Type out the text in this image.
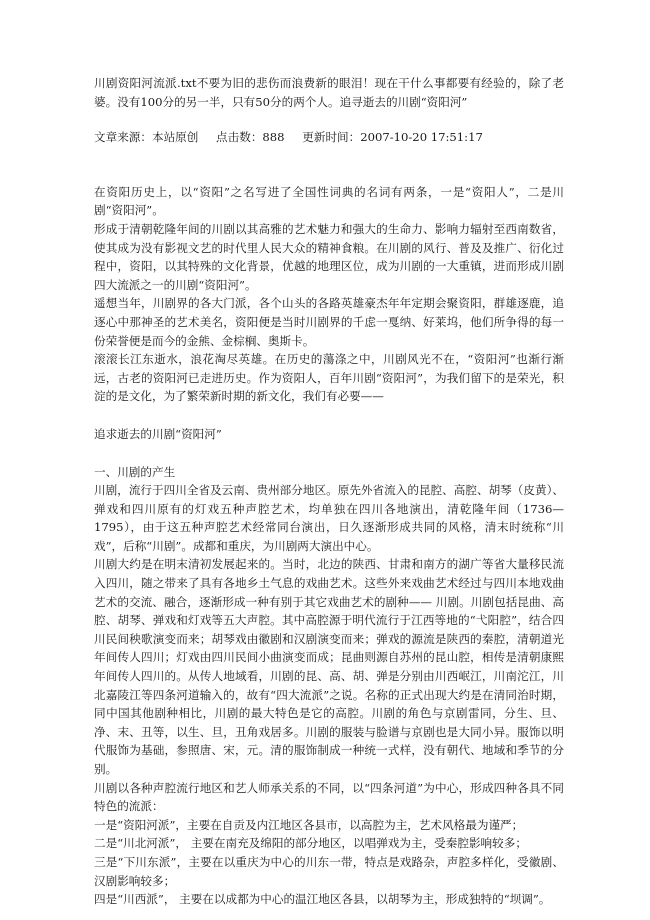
川剧资阳河流派.txt不要为旧的悲伤而浪费新的眼泪！现在干什么事都要有经验的，除了老婆。没有100分的另一半，只有50分的两个人。追寻逝去的川剧“资阳河”

文章来源：本站原创 点击数：888 更新时间：2007-10-20 17:51:17

在资阳历史上，以“资阳”之名写进了全国性词典的名词有两条，一是“资阳人”，二是川剧“资阳河”。

形成于清朝乾隆年间的川剧以其高雅的艺术魅力和强大的生命力、影响力辐射至西南数省，使其成为没有影视文艺的时代里人民大众的精神食粮。在川剧的风行、普及及推广、衍化过程中，资阳，以其特殊的文化背景，优越的地理区位，成为川剧的一大重镇，进而形成川剧四大流派之一的川剧“资阳河”。

遥想当年，川剧界的各大门派，各个山头的各路英雄豪杰年年定期会聚资阳，群雄逐鹿，追逐心中那神圣的艺术美名，资阳便是当时川剧界的千虑一戛纳、好莱坞，他们所争得的每一份荣誉便是而今的金熊、金棕榈、奥斯卡。

滚滚长江东逝水，浪花淘尽英雄。在历史的蕩涤之中，川剧风光不在，“资阳河”也渐行渐远，古老的资阳河已走进历史。作为资阳人，百年川剧“资阳河”，为我们留下的是荣光，积淀的是文化，为了繁荣新时期的新文化，我们有必要——

追求逝去的川剧“资阳河”

一、川剧的产生

川剧，流行于四川全省及云南、贵州部分地区。原先外省流入的昆腔、高腔、胡琴（皮黄）、弹戏和四川原有的灯戏五种声腔艺术，均单独在四川各地演出，清乾隆年间（1736—1795），由于这五种声腔艺术经常同台演出，日久逐渐形成共同的风格，清末时统称“川戏”，后称“川剧”。成都和重庆，为川剧两大演出中心。

川剧大约是在明末清初发展起来的。当时，北边的陕西、甘肃和南方的湖广等省大量移民流入四川，随之带来了具有各地乡土气息的戏曲艺术。这些外来戏曲艺术经过与四川本地戏曲艺术的交流、融合，逐渐形成一种有别于其它戏曲艺术的剧种—— 川剧。川剧包括昆曲、高腔、胡琴、弹戏和灯戏等五大声腔。其中高腔源于明代流行于江西等地的“弋阳腔”，结合四川民间秧歌演变而来；胡琴戏由徽剧和汉剧演变而来；弹戏的源流是陕西的秦腔，清朝道光年间传人四川；灯戏由四川民间小曲演变而成；昆曲则源自苏州的昆山腔，相传是清朝康熙年间传人四川的。从传人地域看，川剧的昆、高、胡、弹是分别由川西岷江，川南沱江，川北嘉陵江等四条河道输入的，故有“四大流派”之说。名称的正式出现大约是在清同治时期，同中国其他剧种相比，川剧的最大特色是它的高腔。川剧的角色与京剧雷同，分生、旦、净、末、丑等，以生、旦，丑角戏居多。川剧的服装与脸谱与京剧也是大同小异。服饰以明代服饰为基础，参照唐、宋，元。清的服饰制成一种统一式样，没有朝代、地域和季节的分别。

川剧以各种声腔流行地区和艺人师承关系的不同，以“四条河道”为中心，形成四种各具不同特色的流派：

一是“资阳河派”，主要在自贡及内江地区各县市，以高腔为主，艺术风格最为谨严；

二是“川北河派”， 主要在南充及绵阳的部分地区，以唱弹戏为主，受秦腔影响较多；

三是“下川东派”，主要在以重庆为中心的川东一带，特点是戏路杂，声腔多样化，受徽剧、汉剧影响较多；

四是“川西派”， 主要在以成都为中心的温江地区各县，以胡琴为主，形成独特的“坝调”。
